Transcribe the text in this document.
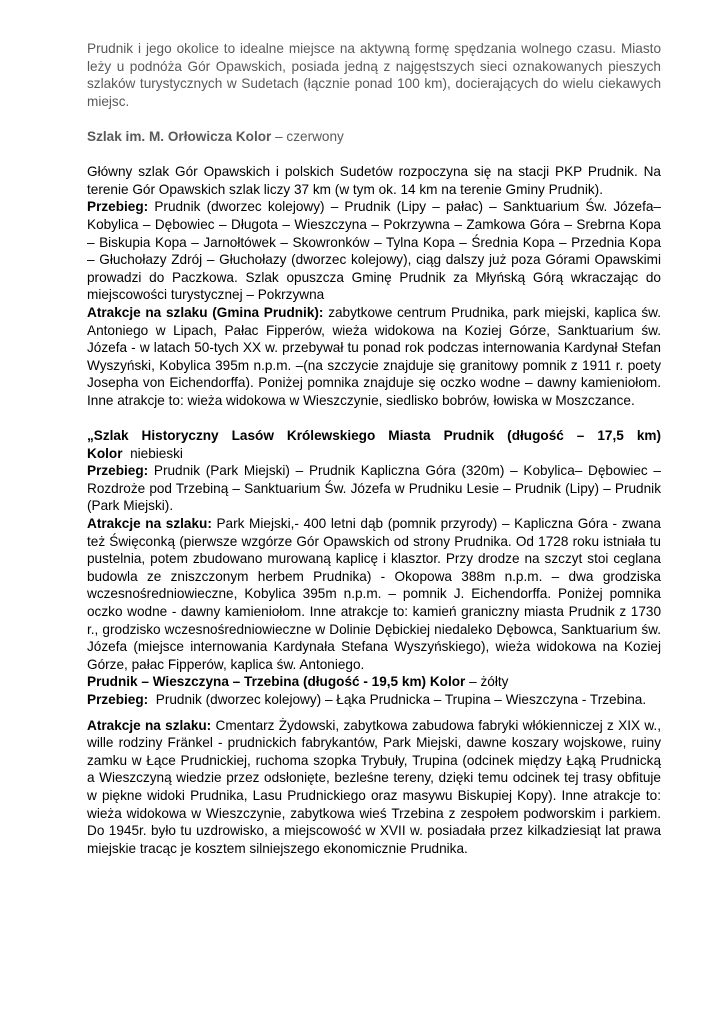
Prudnik i jego okolice to idealne miejsce na aktywną formę spędzania wolnego czasu. Miasto leży u podnóża Gór Opawskich, posiada jedną z najgęstszych sieci oznakowanych pieszych szlaków turystycznych w Sudetach (łącznie ponad 100 km), docierających do wielu ciekawych miejsc.

Szlak im. M. Orłowicza Kolor – czerwony

Główny szlak Gór Opawskich i polskich Sudetów rozpoczyna się na stacji PKP Prudnik. Na terenie Gór Opawskich szlak liczy 37 km (w tym ok. 14 km na terenie Gminy Prudnik).

Przebieg: Prudnik (dworzec kolejowy) – Prudnik (Lipy – pałac) – Sanktuarium Św. Józefa– Kobylica – Dębowiec – Długota – Wieszczyna – Pokrzywna – Zamkowa Góra – Srebrna Kopa – Biskupia Kopa – Jarnołtówek – Skowronków – Tylna Kopa – Średnia Kopa – Przednia Kopa – Głuchołazy Zdrój – Głuchołazy (dworzec kolejowy), ciąg dalszy już poza Górami Opawskimi prowadzi do Paczkowa. Szlak opuszcza Gminę Prudnik za Młyńską Górą wkraczając do miejscowości turystycznej – Pokrzywna

Atrakcje na szlaku (Gmina Prudnik): zabytkowe centrum Prudnika, park miejski, kaplica św. Antoniego w Lipach, Pałac Fipperów, wieża widokowa na Koziej Górze, Sanktuarium św. Józefa - w latach 50-tych XX w. przebywał tu ponad rok podczas internowania Kardynał Stefan Wyszyński, Kobylica 395m n.p.m. –(na szczycie znajduje się granitowy pomnik z 1911 r. poety Josepha von Eichendorffa). Poniżej pomnika znajduje się oczko wodne – dawny kamieniołom. Inne atrakcje to: wieża widokowa w Wieszczynie, siedlisko bobrów, łowiska w Moszczance.

„Szlak Historyczny Lasów Królewskiego Miasta Prudnik (długość – 17,5 km) Kolor niebieski

Przebieg: Prudnik (Park Miejski) – Prudnik Kapliczna Góra (320m) – Kobylica– Dębowiec – Rozdroże pod Trzebiną – Sanktuarium Św. Józefa w Prudniku Lesie – Prudnik (Lipy) – Prudnik (Park Miejski).

Atrakcje na szlaku: Park Miejski,- 400 letni dąb (pomnik przyrody) – Kapliczna Góra - zwana też Święconką (pierwsze wzgórze Gór Opawskich od strony Prudnika. Od 1728 roku istniała tu pustelnia, potem zbudowano murowaną kaplicę i klasztor. Przy drodze na szczyt stoi ceglana budowla ze zniszczonym herbem Prudnika) - Okopowa 388m n.p.m. – dwa grodziska wczesnośredniowieczne, Kobylica 395m n.p.m. – pomnik J. Eichendorffa. Poniżej pomnika oczko wodne - dawny kamieniołom. Inne atrakcje to: kamień graniczny miasta Prudnik z 1730 r., grodzisko wczesnośredniowieczne w Dolinie Dębickiej niedaleko Dębowca, Sanktuarium św. Józefa (miejsce internowania Kardynała Stefana Wyszyńskiego), wieża widokowa na Koziej Górze, pałac Fipperów, kaplica św. Antoniego.

Prudnik – Wieszczyna – Trzebina (długość - 19,5 km) Kolor – żółty

Przebieg: Prudnik (dworzec kolejowy) – Łąka Prudnicka – Trupina – Wieszczyna - Trzebina.

Atrakcje na szlaku: Cmentarz Żydowski, zabytkowa zabudowa fabryki włókienniczej z XIX w., wille rodziny Fränkel - prudnickich fabrykantów, Park Miejski, dawne koszary wojskowe, ruiny zamku w Łące Prudnickiej, ruchoma szopka Trybuły, Trupina (odcinek między Łąką Prudnicką a Wieszczyną wiedzie przez odsłonięte, bezleśne tereny, dzięki temu odcinek tej trasy obfituje w piękne widoki Prudnika, Lasu Prudnickiego oraz masywu Biskupiej Kopy). Inne atrakcje to: wieża widokowa w Wieszczynie, zabytkowa wieś Trzebina z zespołem podworskim i parkiem. Do 1945r. było tu uzdrowisko, a miejscowość w XVII w. posiadała przez kilkadziesiąt lat prawa miejskie tracąc je kosztem silniejszego ekonomicznie Prudnika.
